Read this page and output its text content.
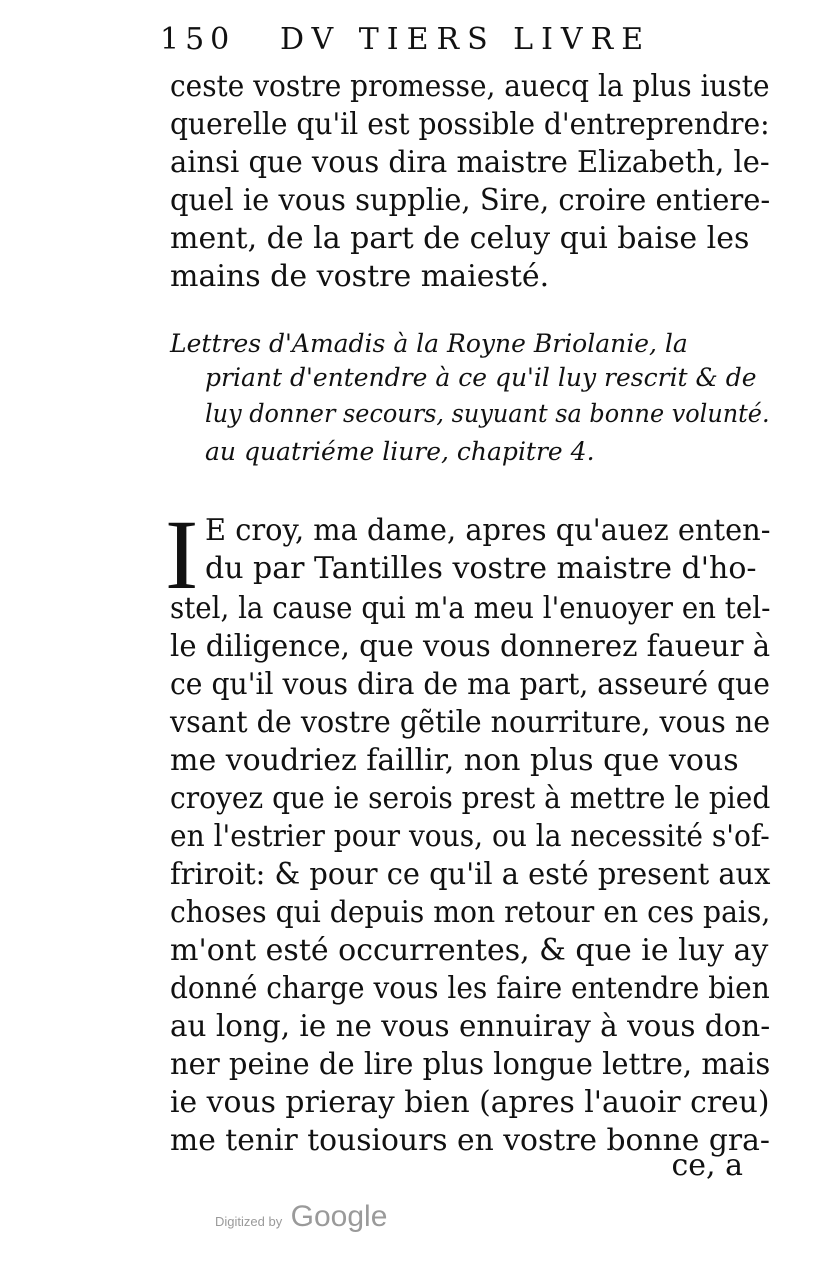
150 DV TIERS LIVRE
ceste vostre promesse, auecq la plus iuste
querelle qu'il est possible d'entreprendre:
ainsi que vous dira maistre Elizabeth, le-
quel ie vous supplie, Sire, croire entiere-
ment, de la part de celuy qui baise les
mains de vostre maiesté.
Lettres d'Amadis à la Royne Briolanie, la
priant d'entendre à ce qu'il luy rescrit & de
luy donner secours, suyuant sa bonne volunté.
au quatriéme liure, chapitre 4.
I E croy, ma dame, apres qu'auez enten-
du par Tantilles vostre maistre d'ho-
stel, la cause qui m'a meu l'enuoyer en tel-
le diligence, que vous donnerez faueur à
ce qu'il vous dira de ma part, asseuré que
vsant de vostre gẽtile nourriture, vous ne
me voudriez faillir, non plus que vous
croyez que ie serois prest à mettre le pied
en l'estrier pour vous, ou la necessité s'of-
friroit: & pour ce qu'il a esté present aux
choses qui depuis mon retour en ces pais,
m'ont esté occurrentes, & que ie luy ay
donné charge vous les faire entendre bien
au long, ie ne vous ennuiray à vous don-
ner peine de lire plus longue lettre, mais
ie vous prieray bien (apres l'auoir creu)
me tenir tousiours en vostre bonne gra-
ce, a
Digitized by Google
